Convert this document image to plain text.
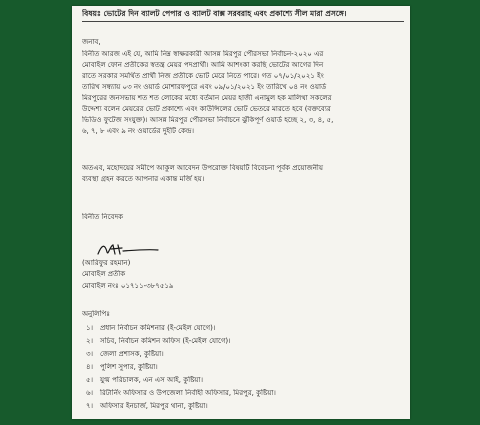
বিষয়ঃ ভোটের দিন ব্যালট পেপার ও ব্যালট বাক্স সরবরাহ এবং প্রকাশ্যে সীল মারা প্রসঙ্গে।
জনাব,
বিনীত আরজ এই যে, আমি নিম্ন স্বাক্ষরকারী আসন্ন মিরপুর পৌরসভা নির্বাচন-২০২০ এর
মোবাইল ফোন প্রতীকের স্বতন্ত্র মেয়র পদপ্রার্থী। আমি আশংকা করছি ভোটের আগের দিন
রাতে সরকার সমর্থিত প্রার্থী নিজ প্রতীকে ভোট মেরে নিতে পারে। গত ০৭/০১/২০২১ ইং
তারিখ সন্ধ্যায় ০৩ নং ওয়ার্ড মোশারফপুরে এবং ০৯/০১/২০২১ ইং তারিখে ০৪ নং ওয়ার্ড
মিরপুরের জনসভায় শত শত লোকের মধ্যে বর্তমান মেয়র হাজী এনামুল হক মালিথা সকলের
উদ্দেশ্য বলেন মেয়রের ভোট প্রকাশ্যে এবং কাউন্সিলের ভোট ভেতরে মারতে হবে (বক্তব্যের
ভিডিও ফুটেজ সংযুক্ত)। আসন্ন মিরপুর পৌরসভা নির্বাচনে ঝুঁকিপূর্ণ ওয়ার্ড হচ্ছে ২, ৩, ৪, ৫,
৬, ৭, ৮ এবং ৯ নং ওয়ার্ডের দুইটি কেন্দ্র।
অতএব, মহোদয়ের সমীপে আকুল আবেদন উপরোক্ত বিষয়টি বিবেচনা পূর্বক প্রয়োজনীয়
ব্যবস্থা গ্রহন করতে আপনার একান্ত মর্জি হয়।
বিনীত নিবেদক
(আরিফুর রহমান)
মোবাইল প্রতীক
মোবাইল নংঃ ০১৭১১-৩৮৭৫১৯
অনুলিপিঃ
১। প্রধান নির্বাচন কমিশনার (ই-মেইল যোগে)।
২। সচিব, নির্বাচন কমিশন অফিস (ই-মেইল যোগে)।
৩। জেলা প্রশাসক, কুষ্টিয়া।
৪। পুলিশ সুপার, কুষ্টিয়া।
৫। যুগ্ম পরিচালক, এন এস আই, কুষ্টিয়া।
৬। রিটার্নিং অফিসার ও উপজেলা নির্বাহী অফিসার, মিরপুর, কুষ্টিয়া।
৭। অফিসার ইনচার্জ, মিরপুর থানা, কুষ্টিয়া।
